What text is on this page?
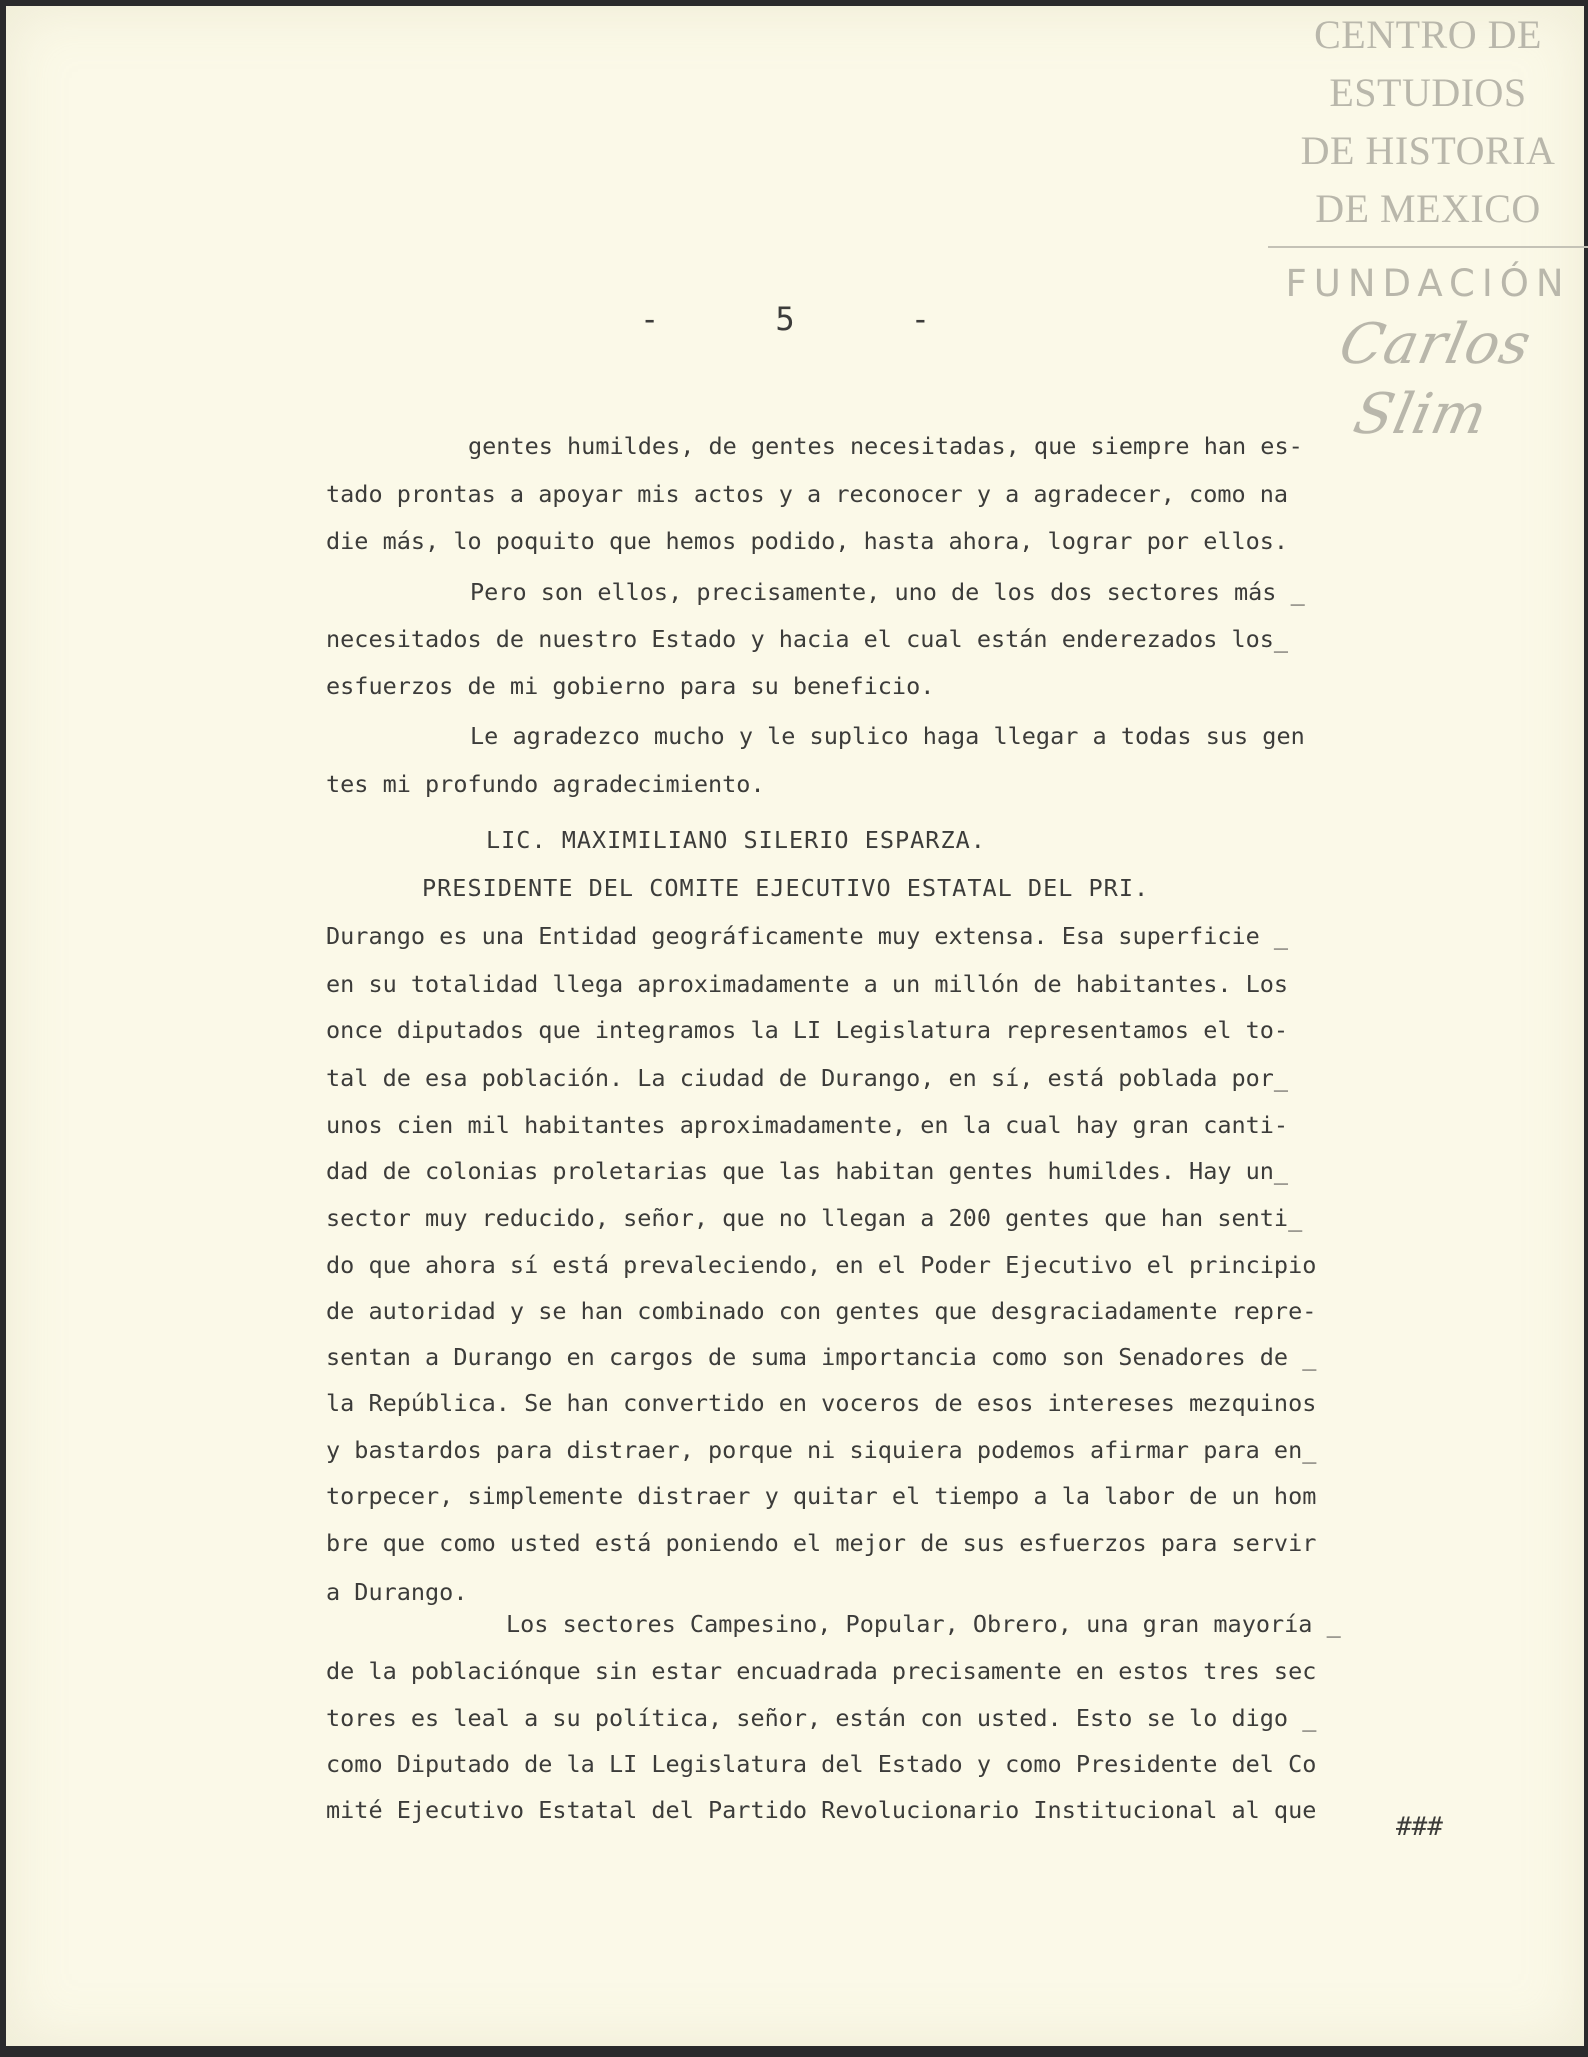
CENTRO DE
ESTUDIOS
DE HISTORIA
DE MEXICO
FUNDACIÓN
Carlos Slim
-	5	-

gentes humildes, de gentes necesitadas, que siempre han es-

tado prontas a apoyar mis actos y a reconocer y a agradecer, como na

die más, lo poquito que hemos podido, hasta ahora, lograr por ellos.

Pero son ellos, precisamente, uno de los dos sectores más _

necesitados de nuestro Estado y hacia el cual están enderezados los_

esfuerzos de mi gobierno para su beneficio.

Le agradezco mucho y le suplico haga llegar a todas sus gen

tes mi profundo agradecimiento.

LIC. MAXIMILIANO SILERIO ESPARZA.

PRESIDENTE DEL COMITE EJECUTIVO ESTATAL DEL PRI.

Durango es una Entidad geográficamente muy extensa. Esa superficie _

en su totalidad llega aproximadamente a un millón de habitantes. Los

once diputados que integramos la LI Legislatura representamos el to-

tal de esa población. La ciudad de Durango, en sí, está poblada por_

unos cien mil habitantes aproximadamente, en la cual hay gran canti-

dad de colonias proletarias que las habitan gentes humildes. Hay un_

sector muy reducido, señor, que no llegan a 200 gentes que han senti_

do que ahora sí está prevaleciendo, en el Poder Ejecutivo el principio

de autoridad y se han combinado con gentes que desgraciadamente repre-

sentan a Durango en cargos de suma importancia como son Senadores de _

la República. Se han convertido en voceros de esos intereses mezquinos

y bastardos para distraer, porque ni siquiera podemos afirmar para en_

torpecer, simplemente distraer y quitar el tiempo a la labor de un hom

bre que como usted está poniendo el mejor de sus esfuerzos para servir

a Durango.

Los sectores Campesino, Popular, Obrero, una gran mayoría _

de la poblaciónque sin estar encuadrada precisamente en estos tres sec

tores es leal a su política, señor, están con usted. Esto se lo digo _

como Diputado de la LI Legislatura del Estado y como Presidente del Co

mité Ejecutivo Estatal del Partido Revolucionario Institucional al que

###
